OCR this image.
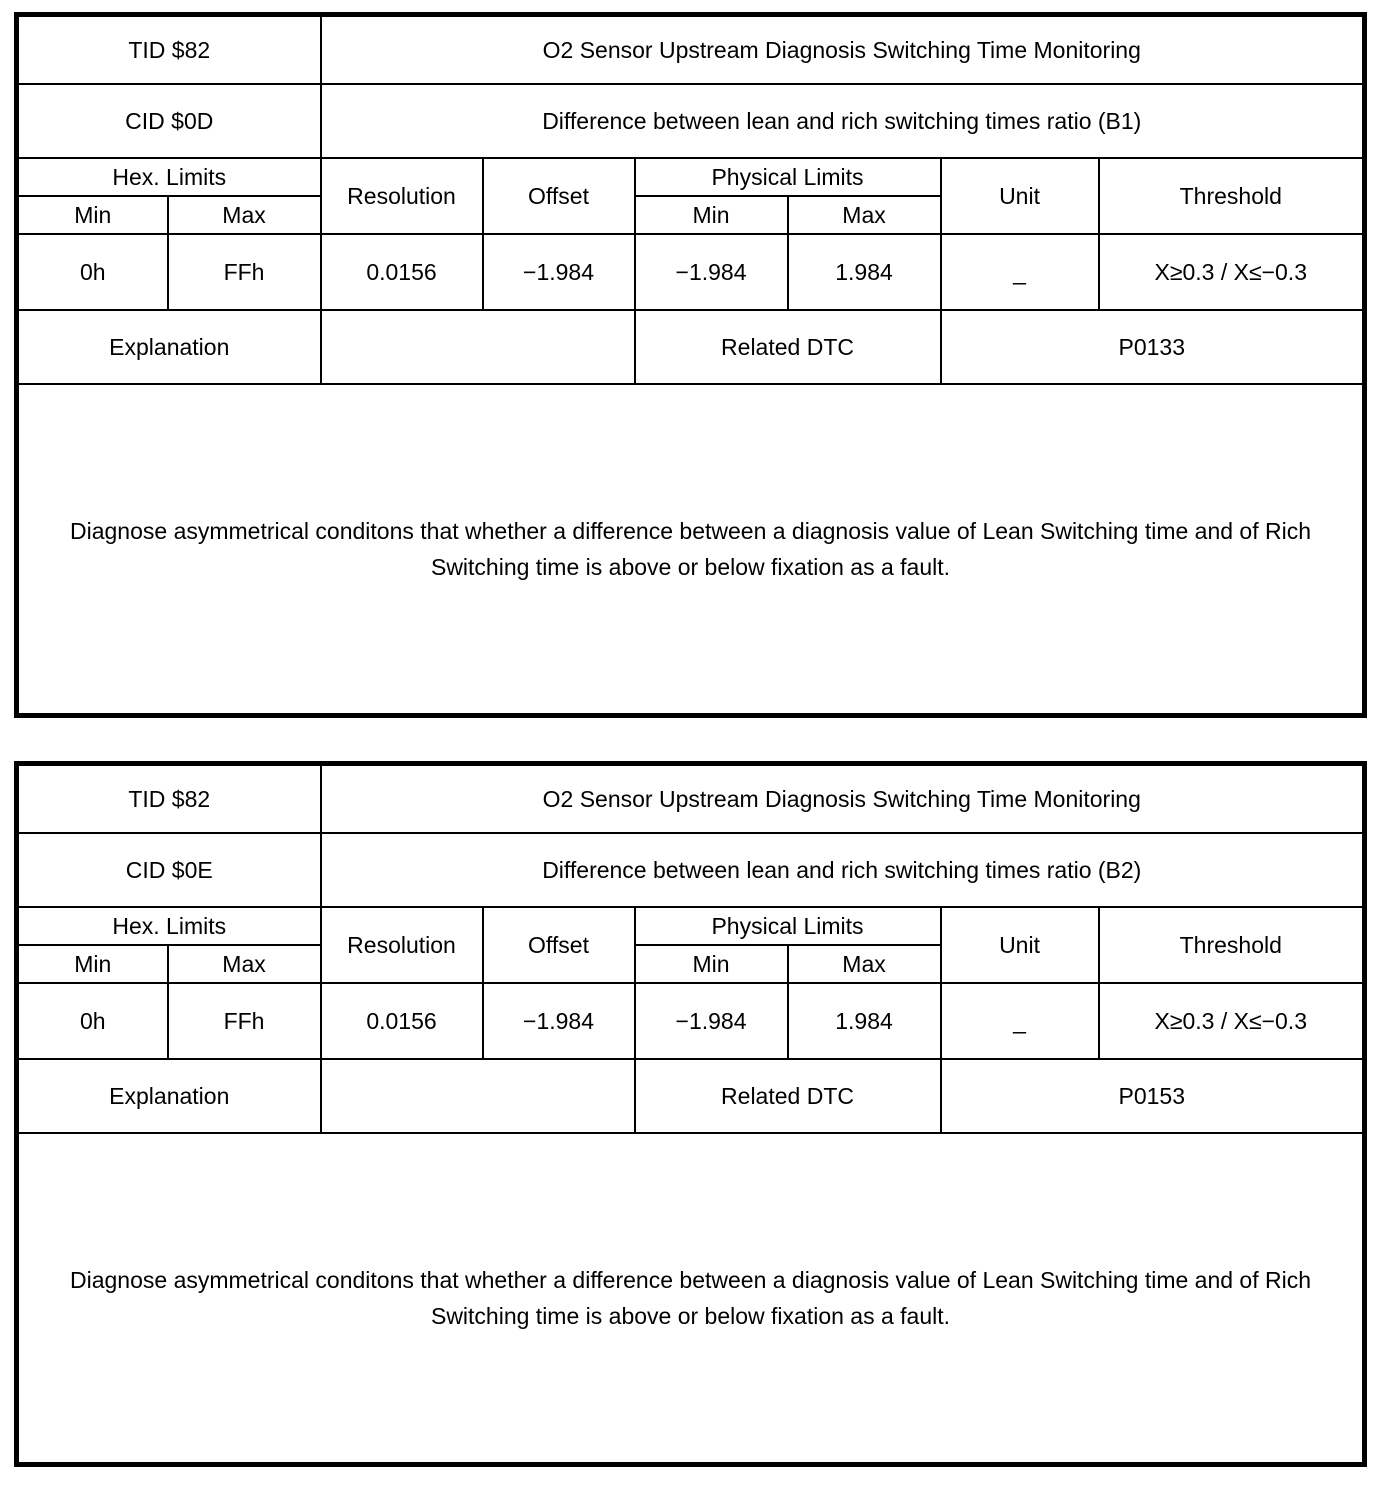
TID $82		O2 Sensor Upstream Diagnosis Switching Time Monitoring					
CID $0D		Difference between lean and rich switching times ratio (B1)					
Hex. Limits		Resolution	Offset	Physical Limits		Unit	Threshold
Min	Max			Min	Max		
0h	FFh	0.0156	−1.984	−1.984	1.984	_	X≥0.3 / X≤−0.3
Explanation				Related DTC		P0133	
Diagnose asymmetrical conditons that whether a difference between a diagnosis value of Lean Switching time and of Rich Switching time is above or below fixation as a fault.							
TID $82		O2 Sensor Upstream Diagnosis Switching Time Monitoring					
CID $0E		Difference between lean and rich switching times ratio (B2)					
Hex. Limits		Resolution	Offset	Physical Limits		Unit	Threshold
Min	Max			Min	Max		
0h	FFh	0.0156	−1.984	−1.984	1.984	_	X≥0.3 / X≤−0.3
Explanation				Related DTC		P0153	
Diagnose asymmetrical conditons that whether a difference between a diagnosis value of Lean Switching time and of Rich Switching time is above or below fixation as a fault.							
